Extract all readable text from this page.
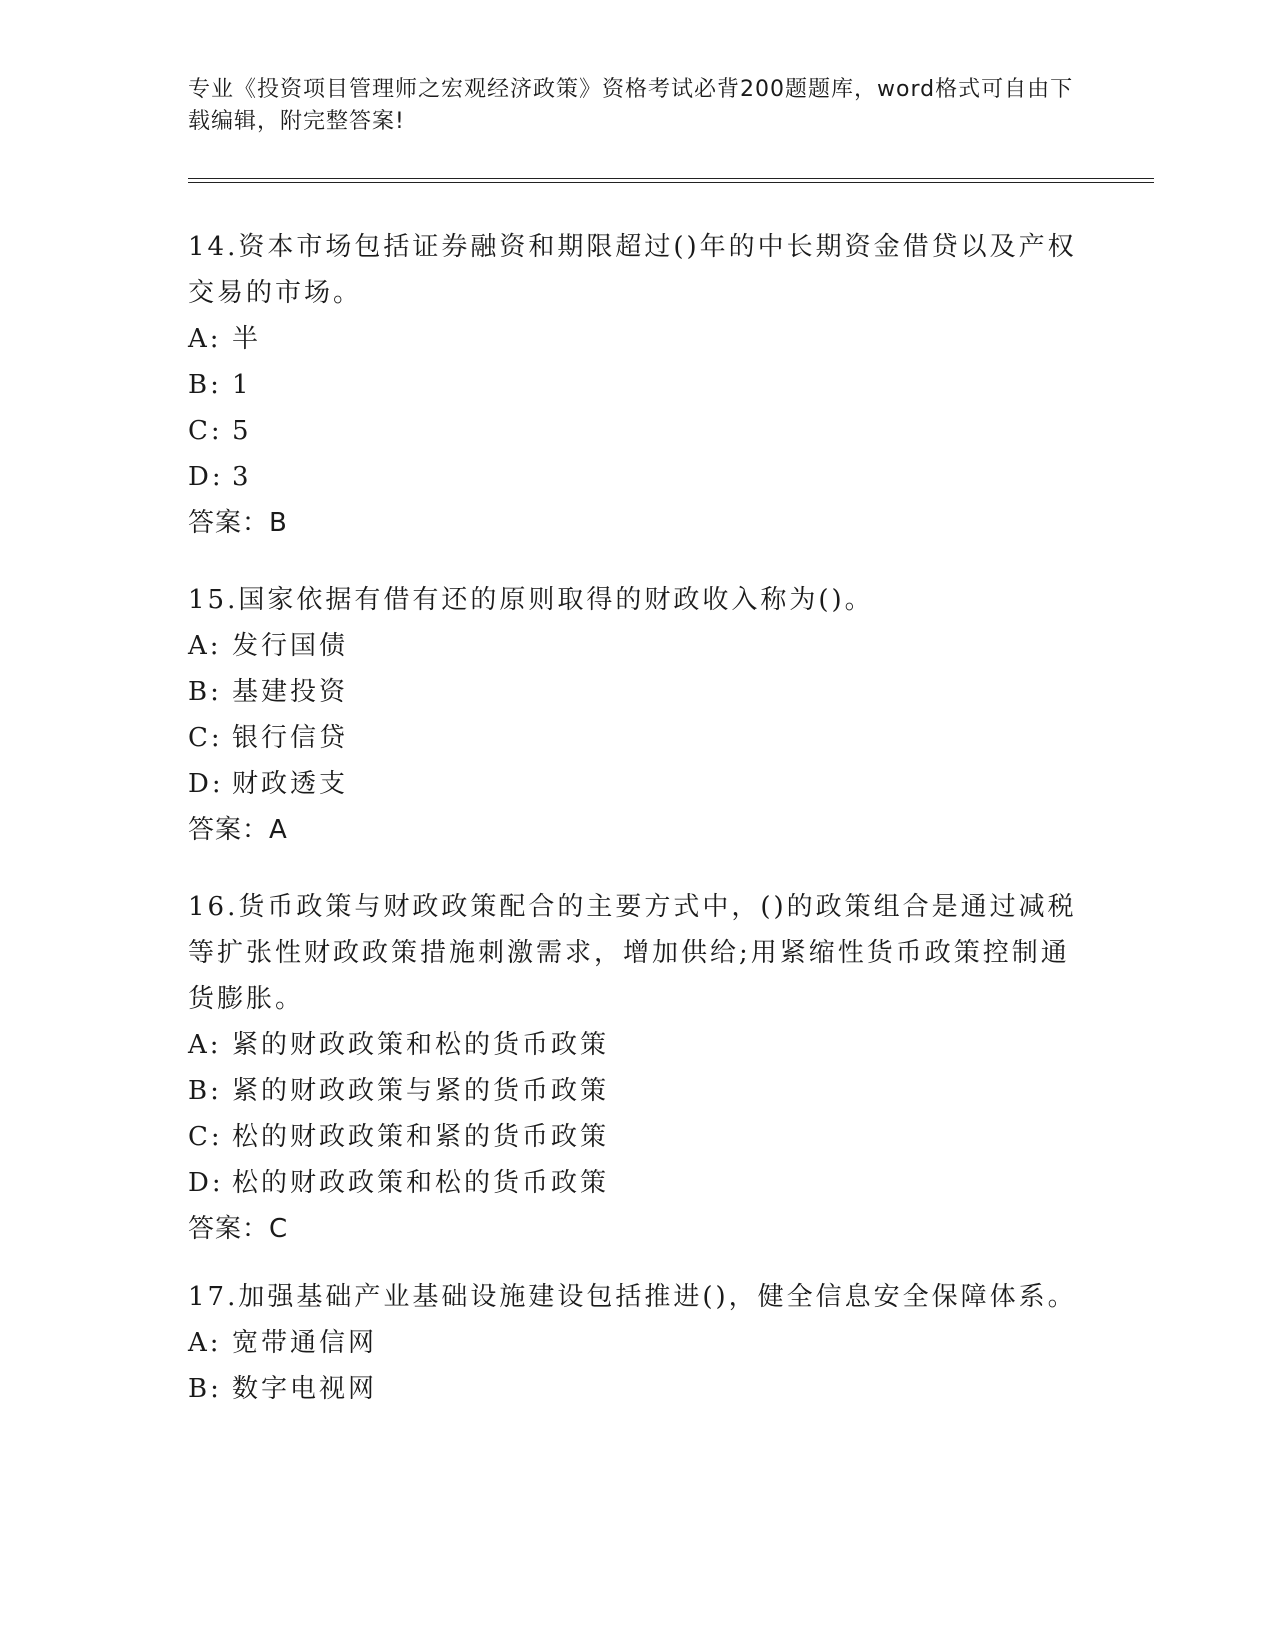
专业《投资项目管理师之宏观经济政策》资格考试必背200题题库，word格式可自由下载编辑，附完整答案!

14.资本市场包括证券融资和期限超过()年的中长期资金借贷以及产权交易的市场。

A: 半
B: 1
C: 5
D: 3
答案：B

15.国家依据有借有还的原则取得的财政收入称为()。

A: 发行国债
B: 基建投资
C: 银行信贷
D: 财政透支
答案：A

16.货币政策与财政政策配合的主要方式中，()的政策组合是通过减税等扩张性财政政策措施刺激需求，增加供给;用紧缩性货币政策控制通货膨胀。

A: 紧的财政政策和松的货币政策
B: 紧的财政政策与紧的货币政策
C: 松的财政政策和紧的货币政策
D: 松的财政政策和松的货币政策
答案：C

17.加强基础产业基础设施建设包括推进()，健全信息安全保障体系。

A: 宽带通信网
B: 数字电视网
